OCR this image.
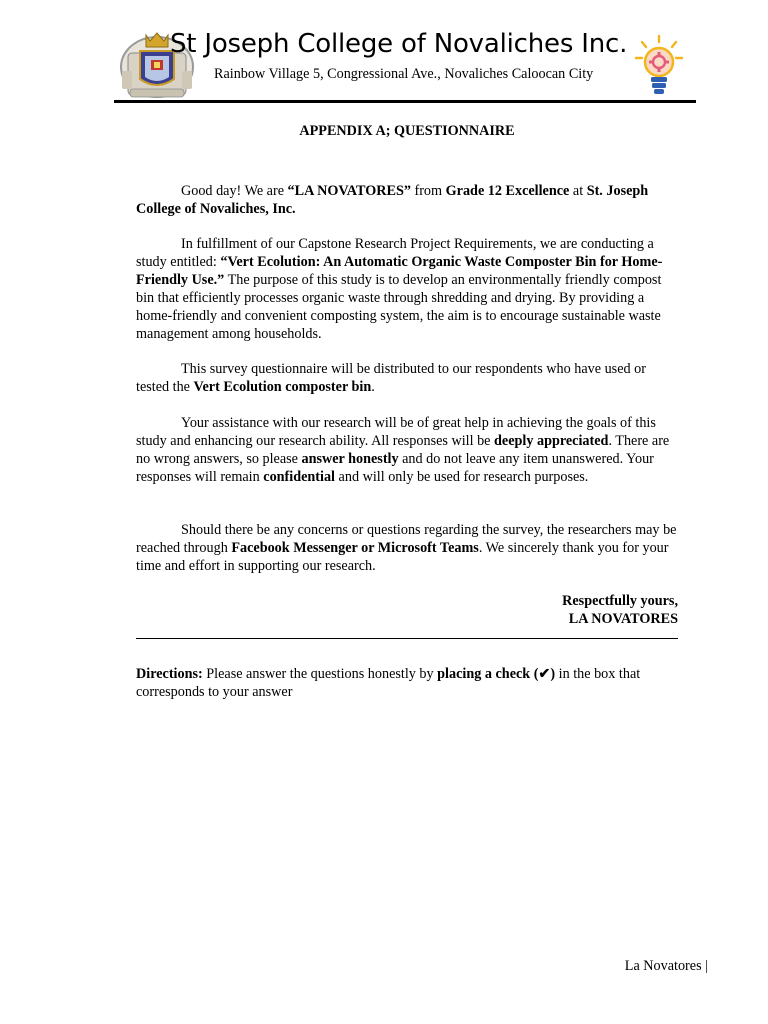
St Joseph College of Novaliches Inc.
Rainbow Village 5, Congressional Ave., Novaliches Caloocan City
APPENDIX A; QUESTIONNAIRE

Good day! We are “LA NOVATORES” from Grade 12 Excellence at St. Joseph College of Novaliches, Inc.

In fulfillment of our Capstone Research Project Requirements, we are conducting a study entitled: “Vert Ecolution: An Automatic Organic Waste Composter Bin for Home-Friendly Use.” The purpose of this study is to develop an environmentally friendly compost bin that efficiently processes organic waste through shredding and drying. By providing a home-friendly and convenient composting system, the aim is to encourage sustainable waste management among households.

This survey questionnaire will be distributed to our respondents who have used or tested the Vert Ecolution composter bin.

Your assistance with our research will be of great help in achieving the goals of this study and enhancing our research ability. All responses will be deeply appreciated. There are no wrong answers, so please answer honestly and do not leave any item unanswered. Your responses will remain confidential and will only be used for research purposes.

Should there be any concerns or questions regarding the survey, the researchers may be reached through Facebook Messenger or Microsoft Teams. We sincerely thank you for your time and effort in supporting our research.

Respectfully yours,
LA NOVATORES

Directions: Please answer the questions honestly by placing a check (✔) in the box that corresponds to your answer

La Novatores |
